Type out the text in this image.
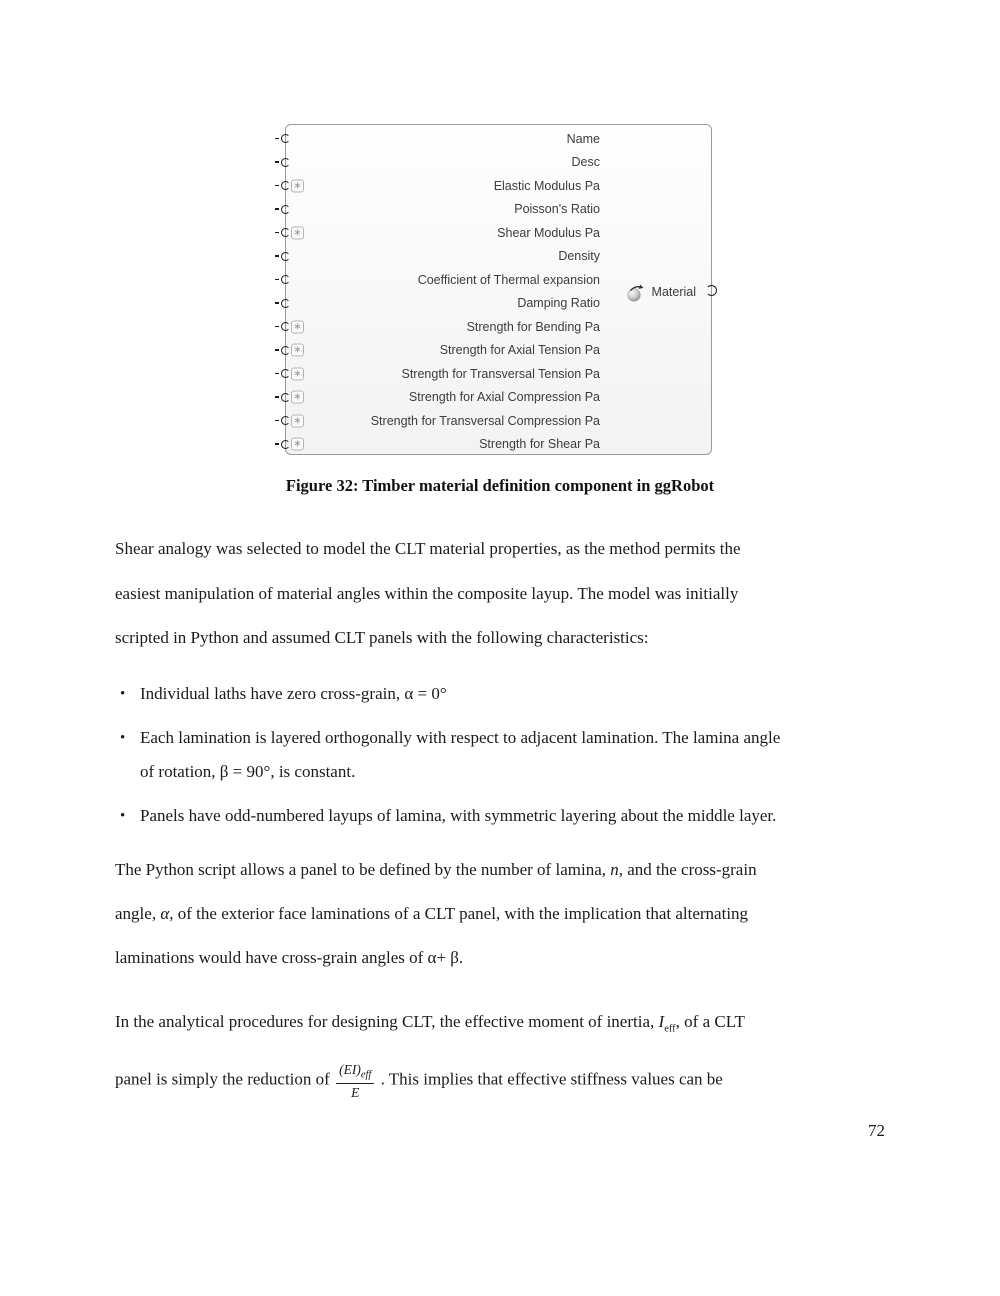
Name
Desc
∗	Elastic Modulus Pa
Poisson's Ratio
∗	Shear Modulus Pa
Density
Coefficient of Thermal expansion
Damping Ratio
∗	Strength for Bending Pa
∗	Strength for Axial Tension Pa
∗	Strength for Transversal Tension Pa
∗	Strength for Axial Compression Pa
∗	Strength for Transversal Compression Pa
∗	Strength for Shear Pa
Material
Figure 32: Timber material definition component in ggRobot
Shear analogy was selected to model the CLT material properties, as the method permits the
easiest manipulation of material angles within the composite layup. The model was initially
scripted in Python and assumed CLT panels with the following characteristics:
• Individual laths have zero cross-grain, α = 0°
• Each lamination is layered orthogonally with respect to adjacent lamination. The lamina angle
of rotation, β = 90°, is constant.
• Panels have odd-numbered layups of lamina, with symmetric layering about the middle layer.
The Python script allows a panel to be defined by the number of lamina, n, and the cross-grain
angle, α, of the exterior face laminations of a CLT panel, with the implication that alternating
laminations would have cross-grain angles of α+ β.
In the analytical procedures for designing CLT, the effective moment of inertia, $I_{eff}$, of a CLT
panel is simply the reduction of $\frac{(EI)_{eff}}{E}$ . This implies that effective stiffness values can be
72
